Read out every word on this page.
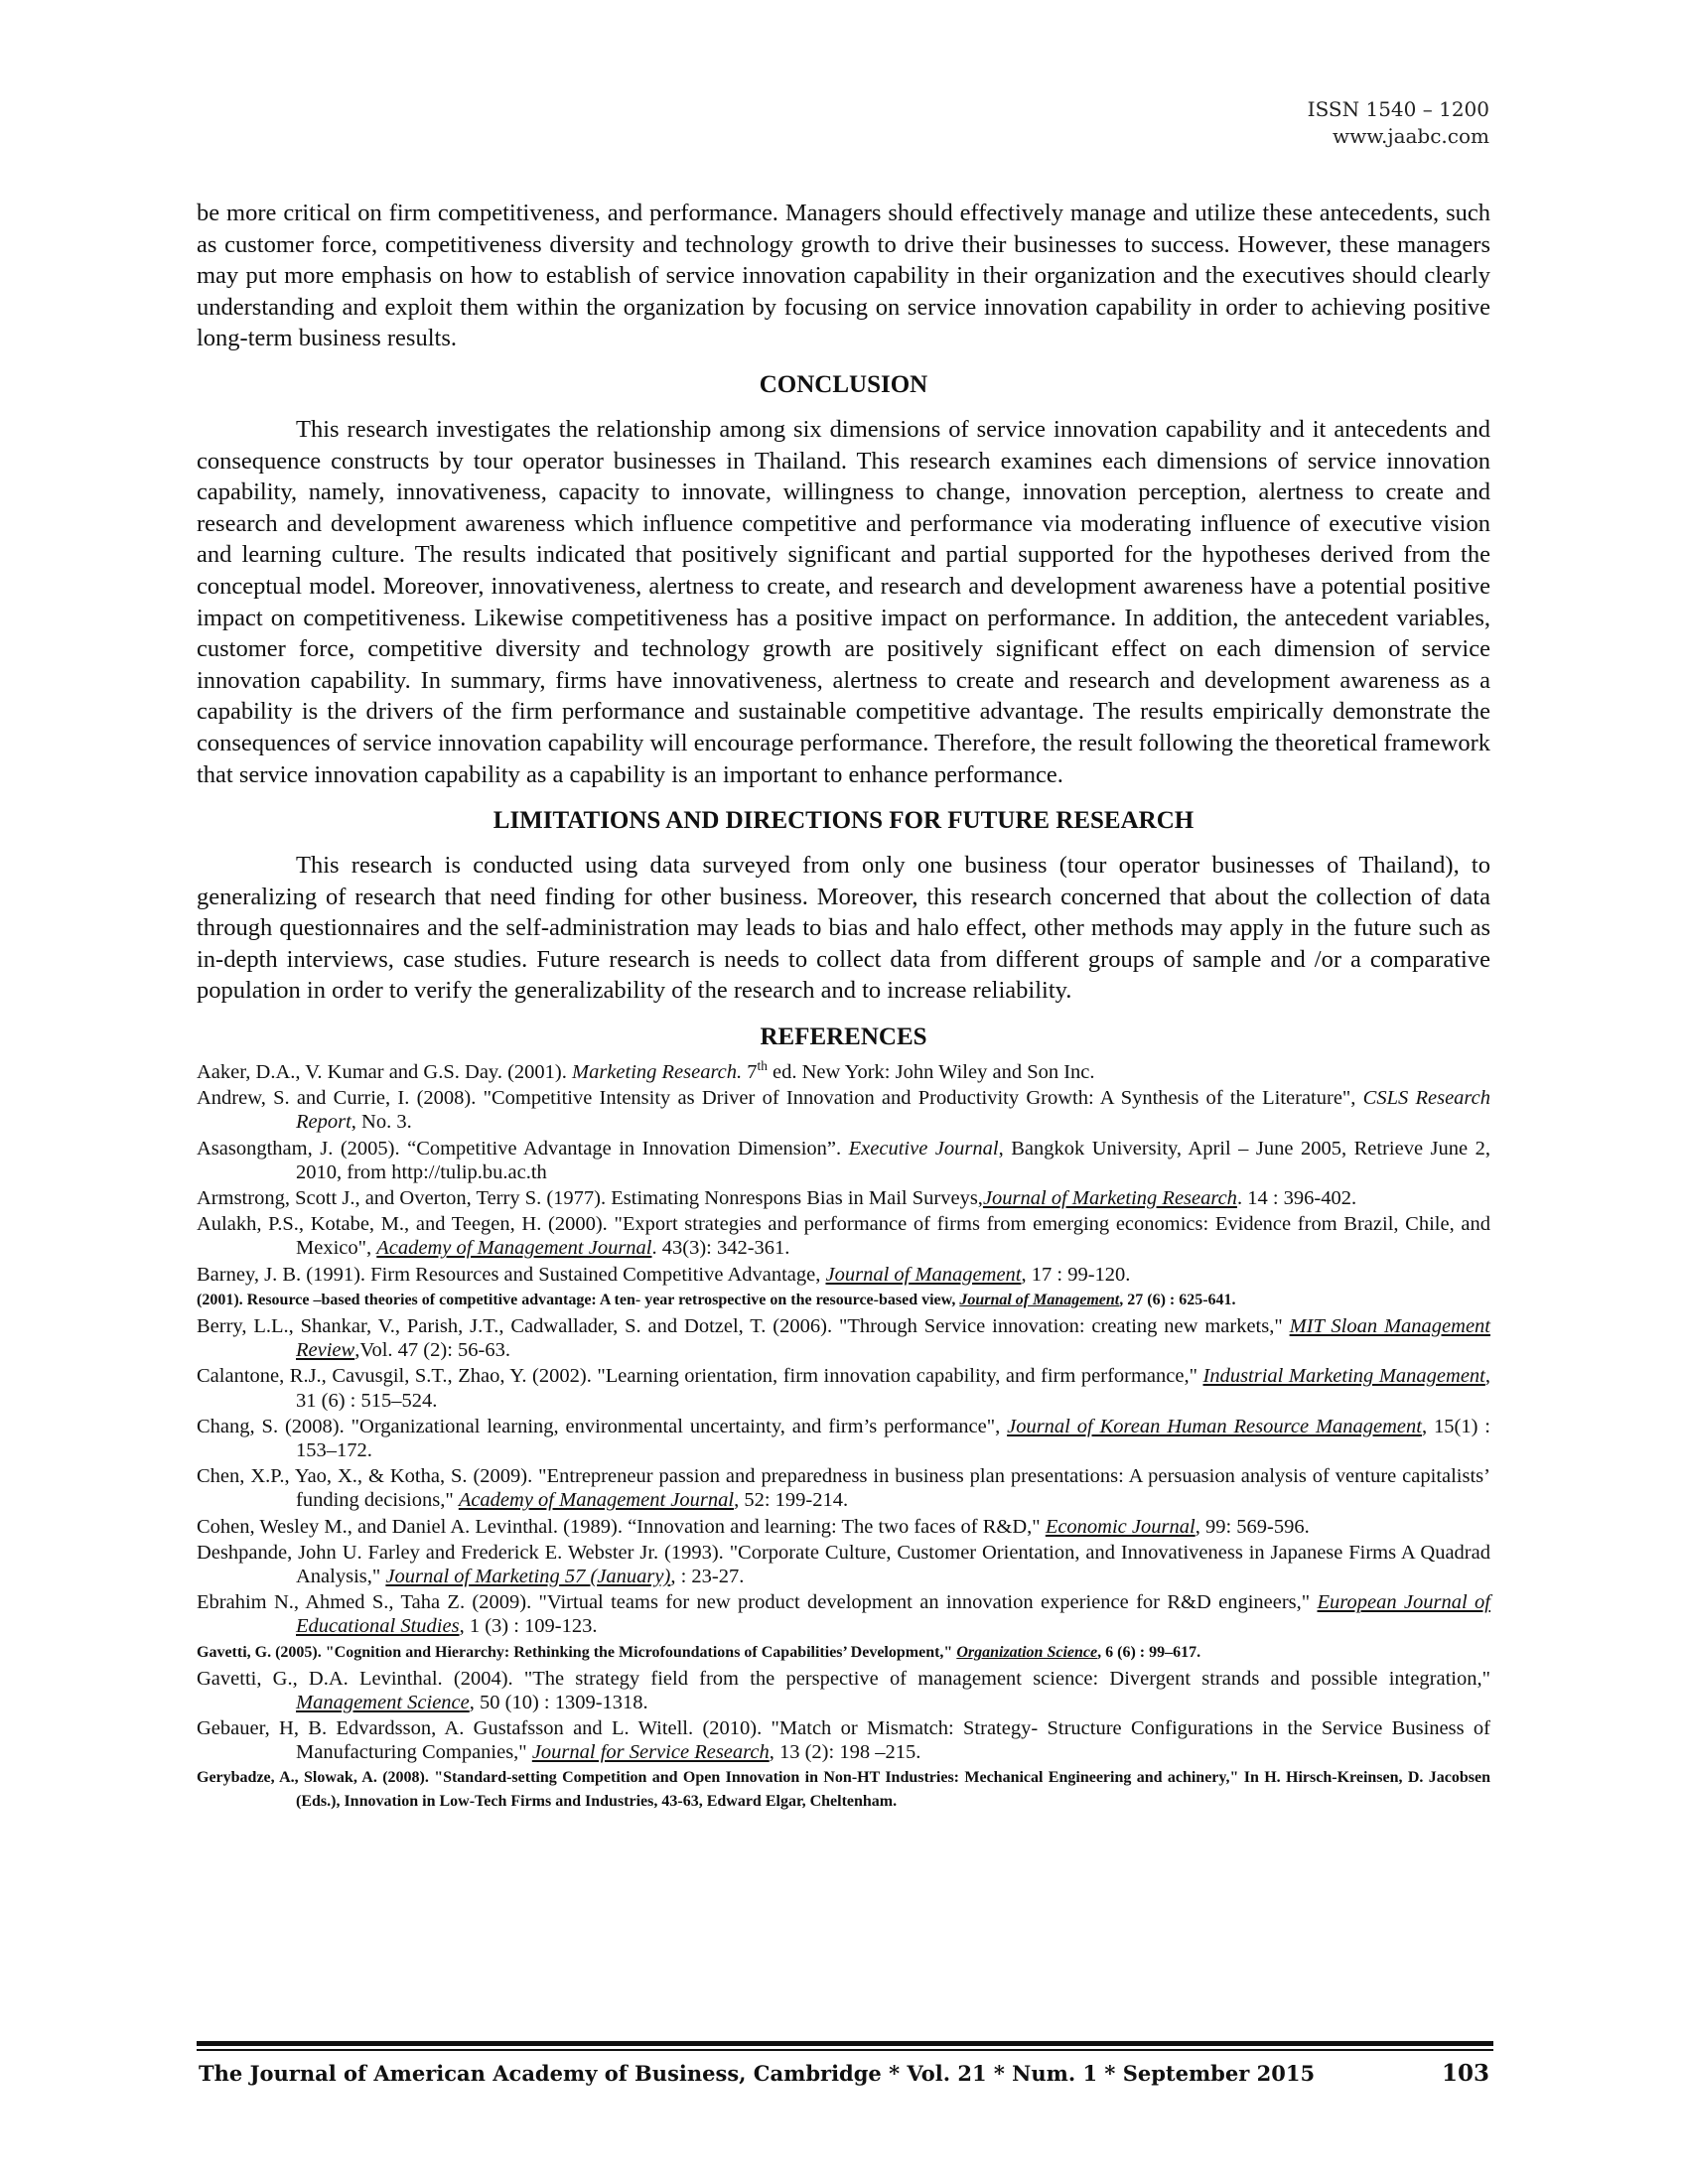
ISSN 1540 – 1200
www.jaabc.com

be more critical on firm competitiveness, and performance. Managers should effectively manage and utilize these antecedents, such as customer force, competitiveness diversity and technology growth to drive their businesses to success. However, these managers may put more emphasis on how to establish of service innovation capability in their organization and the executives should clearly understanding and exploit them within the organization by focusing on service innovation capability in order to achieving positive long-term business results.

CONCLUSION

This research investigates the relationship among six dimensions of service innovation capability and it antecedents and consequence constructs by tour operator businesses in Thailand. This research examines each dimensions of service innovation capability, namely, innovativeness, capacity to innovate, willingness to change, innovation perception, alertness to create and research and development awareness which influence competitive and performance via moderating influence of executive vision and learning culture. The results indicated that positively significant and partial supported for the hypotheses derived from the conceptual model. Moreover, innovativeness, alertness to create, and research and development awareness have a potential positive impact on competitiveness. Likewise competitiveness has a positive impact on performance. In addition, the antecedent variables, customer force, competitive diversity and technology growth are positively significant effect on each dimension of service innovation capability. In summary, firms have innovativeness, alertness to create and research and development awareness as a capability is the drivers of the firm performance and sustainable competitive advantage. The results empirically demonstrate the consequences of service innovation capability will encourage performance. Therefore, the result following the theoretical framework that service innovation capability as a capability is an important to enhance performance.

LIMITATIONS AND DIRECTIONS FOR FUTURE RESEARCH

This research is conducted using data surveyed from only one business (tour operator businesses of Thailand), to generalizing of research that need finding for other business. Moreover, this research concerned that about the collection of data through questionnaires and the self-administration may leads to bias and halo effect, other methods may apply in the future such as in-depth interviews, case studies. Future research is needs to collect data from different groups of sample and /or a comparative population in order to verify the generalizability of the research and to increase reliability.

REFERENCES

Aaker, D.A., V. Kumar and G.S. Day. (2001). Marketing Research. 7th ed. New York: John Wiley and Son Inc.

Andrew, S. and Currie, I. (2008). "Competitive Intensity as Driver of Innovation and Productivity Growth: A Synthesis of the Literature", CSLS Research Report, No. 3.

Asasongtham, J. (2005). “Competitive Advantage in Innovation Dimension”. Executive Journal, Bangkok University, April – June 2005, Retrieve June 2, 2010, from http://tulip.bu.ac.th

Armstrong, Scott J., and Overton, Terry S. (1977). Estimating Nonrespons Bias in Mail Surveys,Journal of Marketing Research. 14 : 396-402.

Aulakh, P.S., Kotabe, M., and Teegen, H. (2000). "Export strategies and performance of firms from emerging economics: Evidence from Brazil, Chile, and Mexico", Academy of Management Journal. 43(3): 342-361.

Barney, J. B. (1991). Firm Resources and Sustained Competitive Advantage, Journal of Management, 17 : 99-120.

(2001). Resource –based theories of competitive advantage: A ten- year retrospective on the resource-based view, Journal of Management, 27 (6) : 625-641.

Berry, L.L., Shankar, V., Parish, J.T., Cadwallader, S. and Dotzel, T. (2006). "Through Service innovation: creating new markets," MIT Sloan Management Review,Vol. 47 (2): 56-63.

Calantone, R.J., Cavusgil, S.T., Zhao, Y. (2002). "Learning orientation, firm innovation capability, and firm performance," Industrial Marketing Management, 31 (6) : 515–524.

Chang, S. (2008). "Organizational learning, environmental uncertainty, and firm’s performance", Journal of Korean Human Resource Management, 15(1) : 153–172.

Chen, X.P., Yao, X., & Kotha, S. (2009). "Entrepreneur passion and preparedness in business plan presentations: A persuasion analysis of venture capitalists’ funding decisions," Academy of Management Journal, 52: 199-214.

Cohen, Wesley M., and Daniel A. Levinthal. (1989). “Innovation and learning: The two faces of R&D," Economic Journal, 99: 569-596.

Deshpande, John U. Farley and Frederick E. Webster Jr. (1993). "Corporate Culture, Customer Orientation, and Innovativeness in Japanese Firms A Quadrad Analysis," Journal of Marketing 57 (January), : 23-27.

Ebrahim N., Ahmed S., Taha Z. (2009). "Virtual teams for new product development an innovation experience for R&D engineers," European Journal of Educational Studies, 1 (3) : 109-123.

Gavetti, G. (2005). "Cognition and Hierarchy: Rethinking the Microfoundations of Capabilities’ Development," Organization Science, 6 (6) : 99–617.

Gavetti, G., D.A. Levinthal. (2004). "The strategy field from the perspective of management science: Divergent strands and possible integration," Management Science, 50 (10) : 1309-1318.

Gebauer, H, B. Edvardsson, A. Gustafsson and L. Witell. (2010). "Match or Mismatch: Strategy- Structure Configurations in the Service Business of Manufacturing Companies," Journal for Service Research, 13 (2): 198 –215.

Gerybadze, A., Slowak, A. (2008). "Standard-setting Competition and Open Innovation in Non-HT Industries: Mechanical Engineering and achinery," In H. Hirsch-Kreinsen, D. Jacobsen (Eds.), Innovation in Low-Tech Firms and Industries, 43-63, Edward Elgar, Cheltenham.

The Journal of American Academy of Business, Cambridge * Vol. 21 * Num. 1 * September 2015	103
